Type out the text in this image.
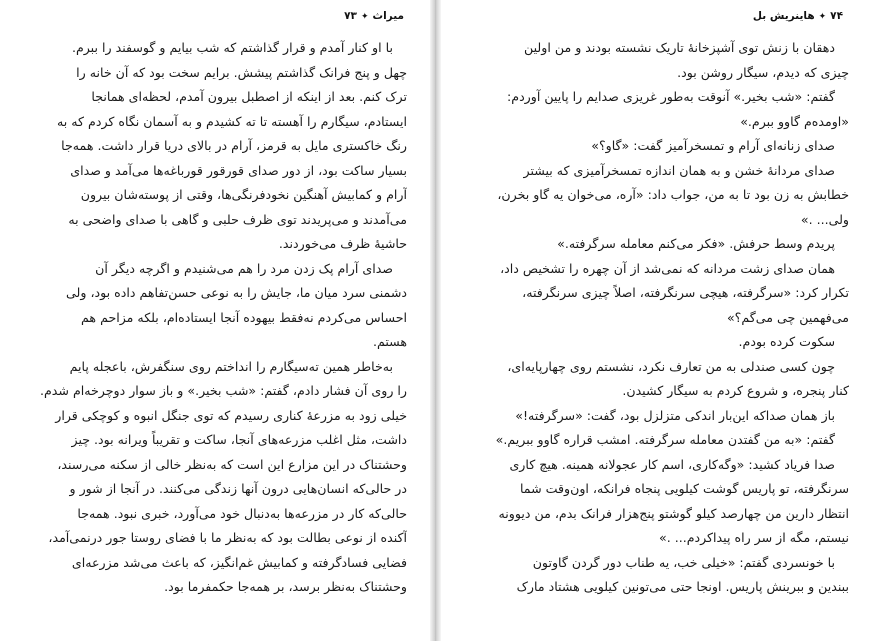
میراث✦۷۳
با او کنار آمدم و قرار گذاشتم که شب بیایم و گوسفند را ببرم.
چهل و پنج فرانک گذاشتم پیشش. برایم سخت بود که آن خانه را
ترک کنم. بعد از اینکه از اصطبل بیرون آمدم، لحظه‌ای همانجا
ایستادم، سیگارم را آهسته تا ته کشیدم و به آسمان نگاه کردم که به
رنگ خاکستری مایل به قرمز، آرام در بالای دریا قرار داشت. همه‌جا
بسیار ساکت بود، از دور صدای قورقور قورباغه‌ها می‌آمد و صدای
آرام و کمابیش آهنگین نخودفرنگی‌ها، وقتی از پوسته‌شان بیرون
می‌آمدند و می‌پریدند توی ظرف حلبی و گاهی با صدای واضحی به
حاشیهٔ ظرف می‌خوردند.
صدای آرام پک زدن مرد را هم می‌شنیدم و اگرچه دیگر آن
دشمنی سرد میان ما، جایش را به نوعی حسن‌تفاهم داده بود، ولی
احساس می‌کردم نه‌فقط بیهوده آنجا ایستاده‌ام، بلکه مزاحم هم
هستم.
به‌خاطر همین ته‌سیگارم را انداختم روی سنگفرش، باعجله پایم
را روی آن فشار دادم، گفتم: «شب بخیر.» و باز سوار دوچرخه‌ام شدم.
خیلی زود به مزرعهٔ کناری رسیدم که توی جنگل انبوه و کوچکی قرار
داشت، مثل اغلب مزرعه‌های آنجا، ساکت و تقریباً ویرانه بود. چیز
وحشتناک در این مزارع این است که به‌نظر خالی از سکنه می‌رسند،
در حالی‌که انسان‌هایی درون آنها زندگی می‌کنند. در آنجا از شور و
حالی‌که کار در مزرعه‌ها به‌دنبال خود می‌آورد، خبری نبود. همه‌جا
آکنده از نوعی بطالت بود که به‌نظر ما با فضای روستا جور درنمی‌آمد،
فضایی فسادگرفته و کمابیش غم‌انگیز، که باعث می‌شد مزرعه‌ای
وحشتناک به‌نظر برسد، بر همه‌جا حکمفرما بود.
۷۴✦هاینریش بل
دهقان با زنش توی آشپزخانهٔ تاریک نشسته بودند و من اولین
چیزی که دیدم، سیگار روشن بود.
گفتم: «شب بخیر.» آنوقت به‌طور غریزی صدایم را پایین آوردم:
«اومده‌م گاوو ببرم.»
صدای زنانه‌ای آرام و تمسخرآمیز گفت: «گاو؟»
صدای مردانهٔ خشن و به همان اندازه تمسخرآمیزی که بیشتر
خطابش به زن بود تا به من، جواب داد: «آره، می‌خوان یه گاو بخرن،
ولی... .»
پریدم وسط حرفش. «فکر می‌کنم معامله سرگرفته.»
همان صدای زشت مردانه که نمی‌شد از آن چهره را تشخیص داد،
تکرار کرد: «سرگرفته، هیچی سرنگرفته، اصلاً چیزی سرنگرفته،
می‌فهمین چی می‌گم؟»
سکوت کرده بودم.
چون کسی صندلی به من تعارف نکرد، نشستم روی چهارپایه‌ای،
کنار پنجره، و شروع کردم به سیگار کشیدن.
باز همان صداکه این‌بار اندکی متزلزل بود، گفت: «سرگرفته!»
گفتم: «به من گفتدن معامله سرگرفته. امشب قراره گاوو ببریم.»
صدا فریاد کشید: «وگه‌کاری، اسم کار عجولانه همینه. هیچ کاری
سرنگرفته، تو پاریس گوشت کیلویی پنجاه فرانکه، اون‌وقت شما
انتظار دارین من چهارصد کیلو گوشتو پنج‌هزار فرانک بدم، من دیوونه
نیستم، مگه از سر راه پیداکردم... .»
با خونسردی گفتم: «خیلی خب، یه طناب دور گردن گاوتون
ببندین و ببرینش پاریس. اونجا حتی می‌تونین کیلویی هشتاد مارک
